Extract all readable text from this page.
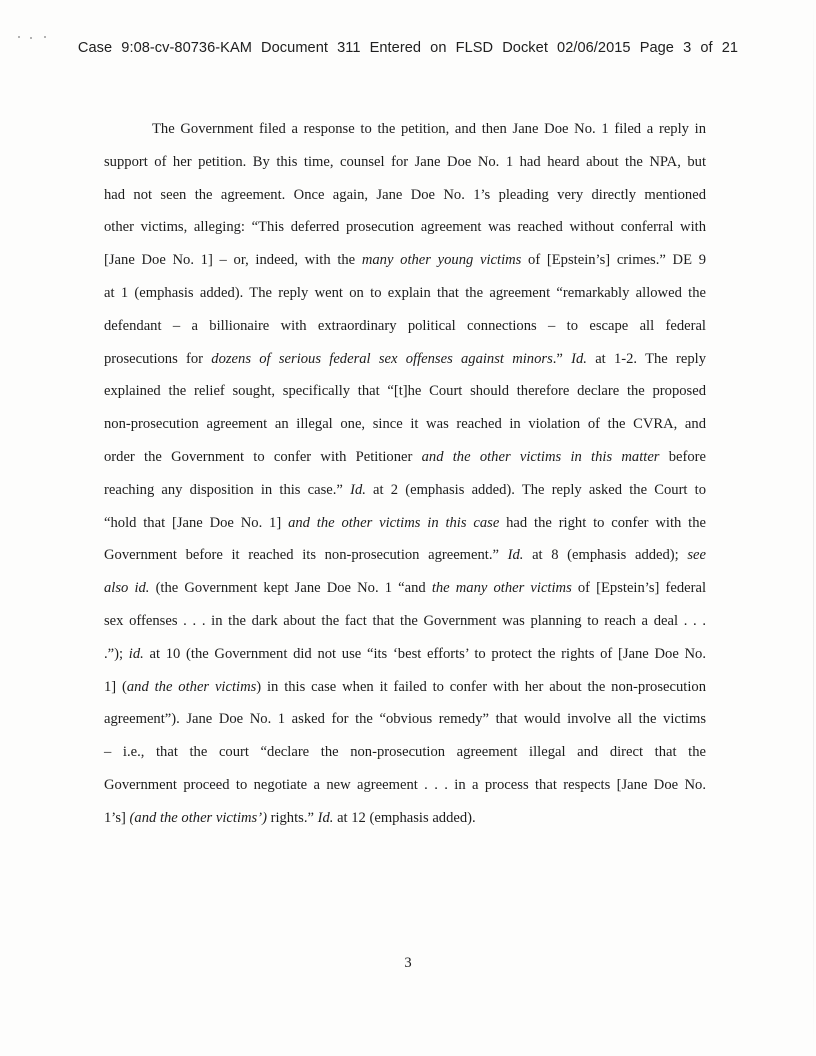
Case 9:08-cv-80736-KAM Document 311 Entered on FLSD Docket 02/06/2015 Page 3 of 21
The Government filed a response to the petition, and then Jane Doe No. 1 filed a reply in
support of her petition. By this time, counsel for Jane Doe No. 1 had heard about the NPA, but
had not seen the agreement. Once again, Jane Doe No. 1’s pleading very directly mentioned
other victims, alleging: “This deferred prosecution agreement was reached without conferral with
[Jane Doe No. 1] – or, indeed, with the many other young victims of [Epstein’s] crimes.” DE 9
at 1 (emphasis added). The reply went on to explain that the agreement “remarkably allowed the
defendant – a billionaire with extraordinary political connections – to escape all federal
prosecutions for dozens of serious federal sex offenses against minors.” Id. at 1-2. The reply
explained the relief sought, specifically that “[t]he Court should therefore declare the proposed
non-prosecution agreement an illegal one, since it was reached in violation of the CVRA, and
order the Government to confer with Petitioner and the other victims in this matter before
reaching any disposition in this case.” Id. at 2 (emphasis added). The reply asked the Court to
“hold that [Jane Doe No. 1] and the other victims in this case had the right to confer with the
Government before it reached its non-prosecution agreement.” Id. at 8 (emphasis added); see
also id. (the Government kept Jane Doe No. 1 “and the many other victims of [Epstein’s] federal
sex offenses . . . in the dark about the fact that the Government was planning to reach a deal . . .
.”); id. at 10 (the Government did not use “its ‘best efforts’ to protect the rights of [Jane Doe No.
1] (and the other victims) in this case when it failed to confer with her about the non-prosecution
agreement”). Jane Doe No. 1 asked for the “obvious remedy” that would involve all the victims
– i.e., that the court “declare the non-prosecution agreement illegal and direct that the
Government proceed to negotiate a new agreement . . . in a process that respects [Jane Doe No.
1’s] (and the other victims’) rights.” Id. at 12 (emphasis added).
3
